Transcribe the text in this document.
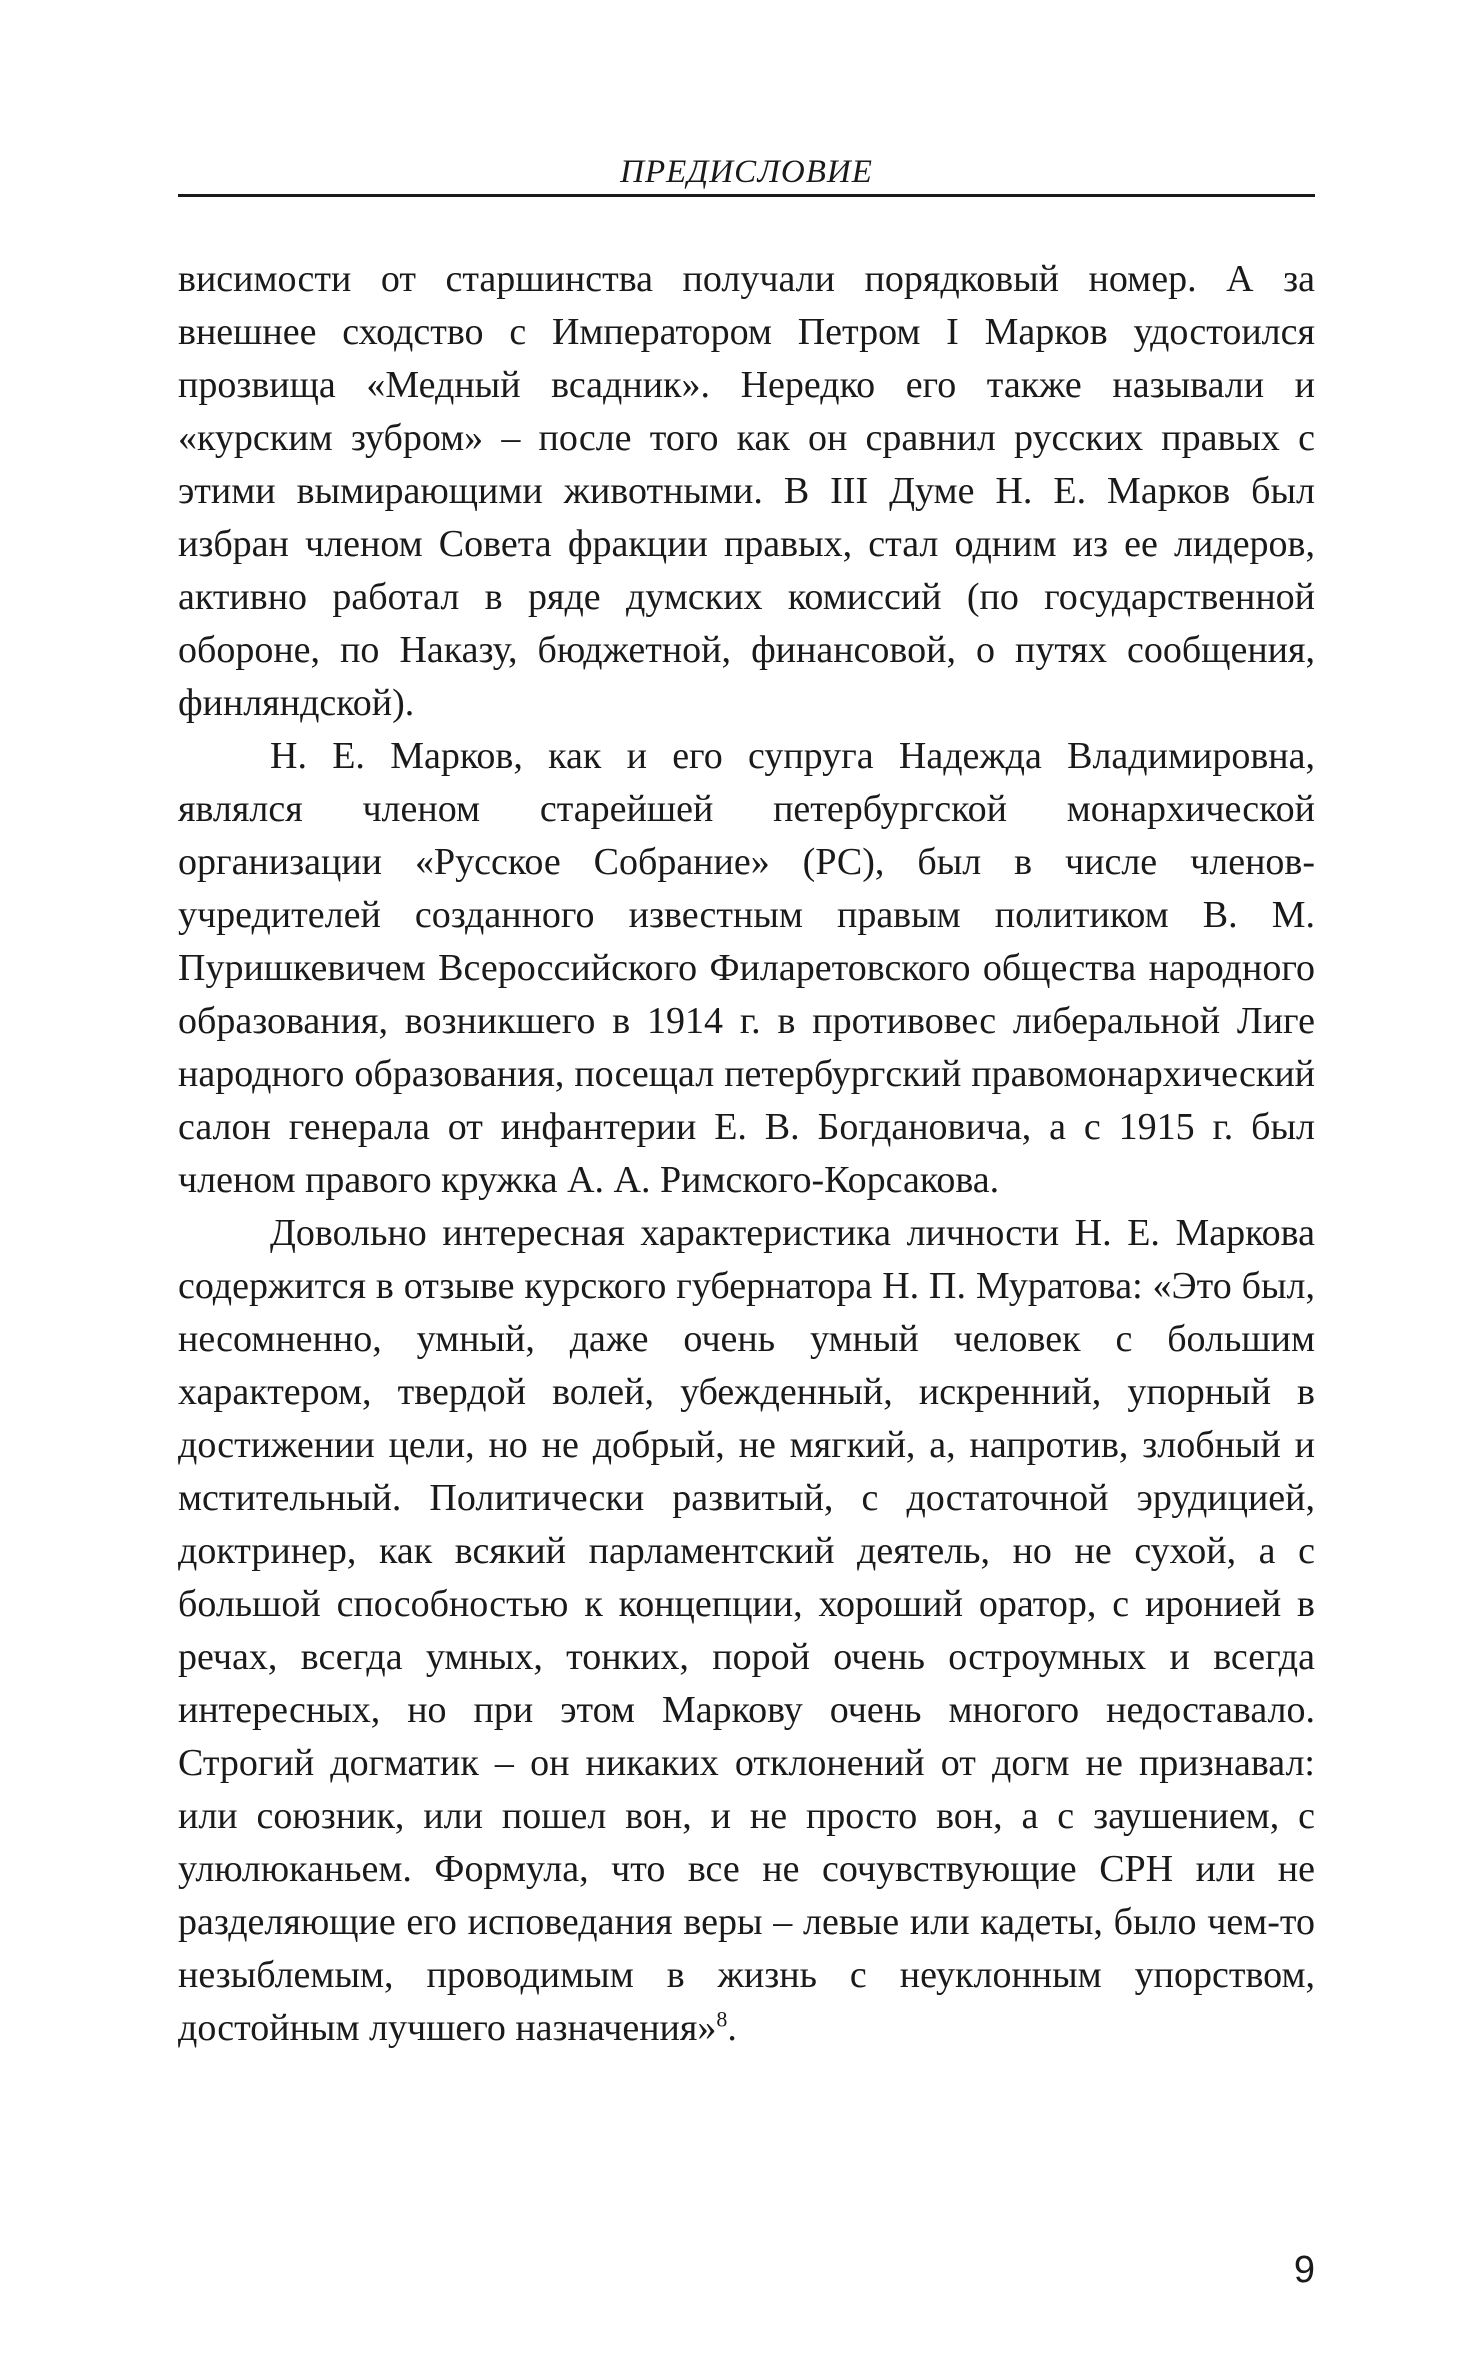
ПРЕДИСЛОВИЕ

висимости от старшинства получали порядковый номер. А за внешнее сходство с Императором Петром I Марков удостоился прозвища «Медный всадник». Нередко его также называли и «курским зубром» – после того как он сравнил русских правых с этими вымирающими животными. В III Думе Н. Е. Марков был избран членом Совета фракции правых, стал одним из ее лидеров, активно работал в ряде думских комиссий (по государственной обороне, по Наказу, бюджетной, финансовой, о путях сообщения, финляндской).

Н. Е. Марков, как и его супруга Надежда Владимировна, являлся членом старейшей петербургской монархической организации «Русское Собрание» (РС), был в числе членов-учредителей созданного известным правым политиком В. М. Пуришкевичем Всероссийского Филаретовского общества народного образования, возникшего в 1914 г. в противовес либеральной Лиге народного образования, посещал петербургский правомонархический салон генерала от инфантерии Е. В. Богдановича, а с 1915 г. был членом правого кружка А. А. Римского-Корсакова.

Довольно интересная характеристика личности Н. Е. Маркова содержится в отзыве курского губернатора Н. П. Муратова: «Это был, несомненно, умный, даже очень умный человек с большим характером, твердой волей, убежденный, искренний, упорный в достижении цели, но не добрый, не мягкий, а, напротив, злобный и мстительный. Политически развитый, с достаточной эрудицией, доктринер, как всякий парламентский деятель, но не сухой, а с большой способностью к концепции, хороший оратор, с иронией в речах, всегда умных, тонких, порой очень остроумных и всегда интересных, но при этом Маркову очень многого недоставало. Строгий догматик – он никаких отклонений от догм не признавал: или союзник, или пошел вон, и не просто вон, а с заушением, с улюлюканьем. Формула, что все не сочувствующие СРН или не разделяющие его исповедания веры – левые или кадеты, было чем-то незыблемым, проводимым в жизнь с неуклонным упорством, достойным лучшего назначения»$^8$.

9
